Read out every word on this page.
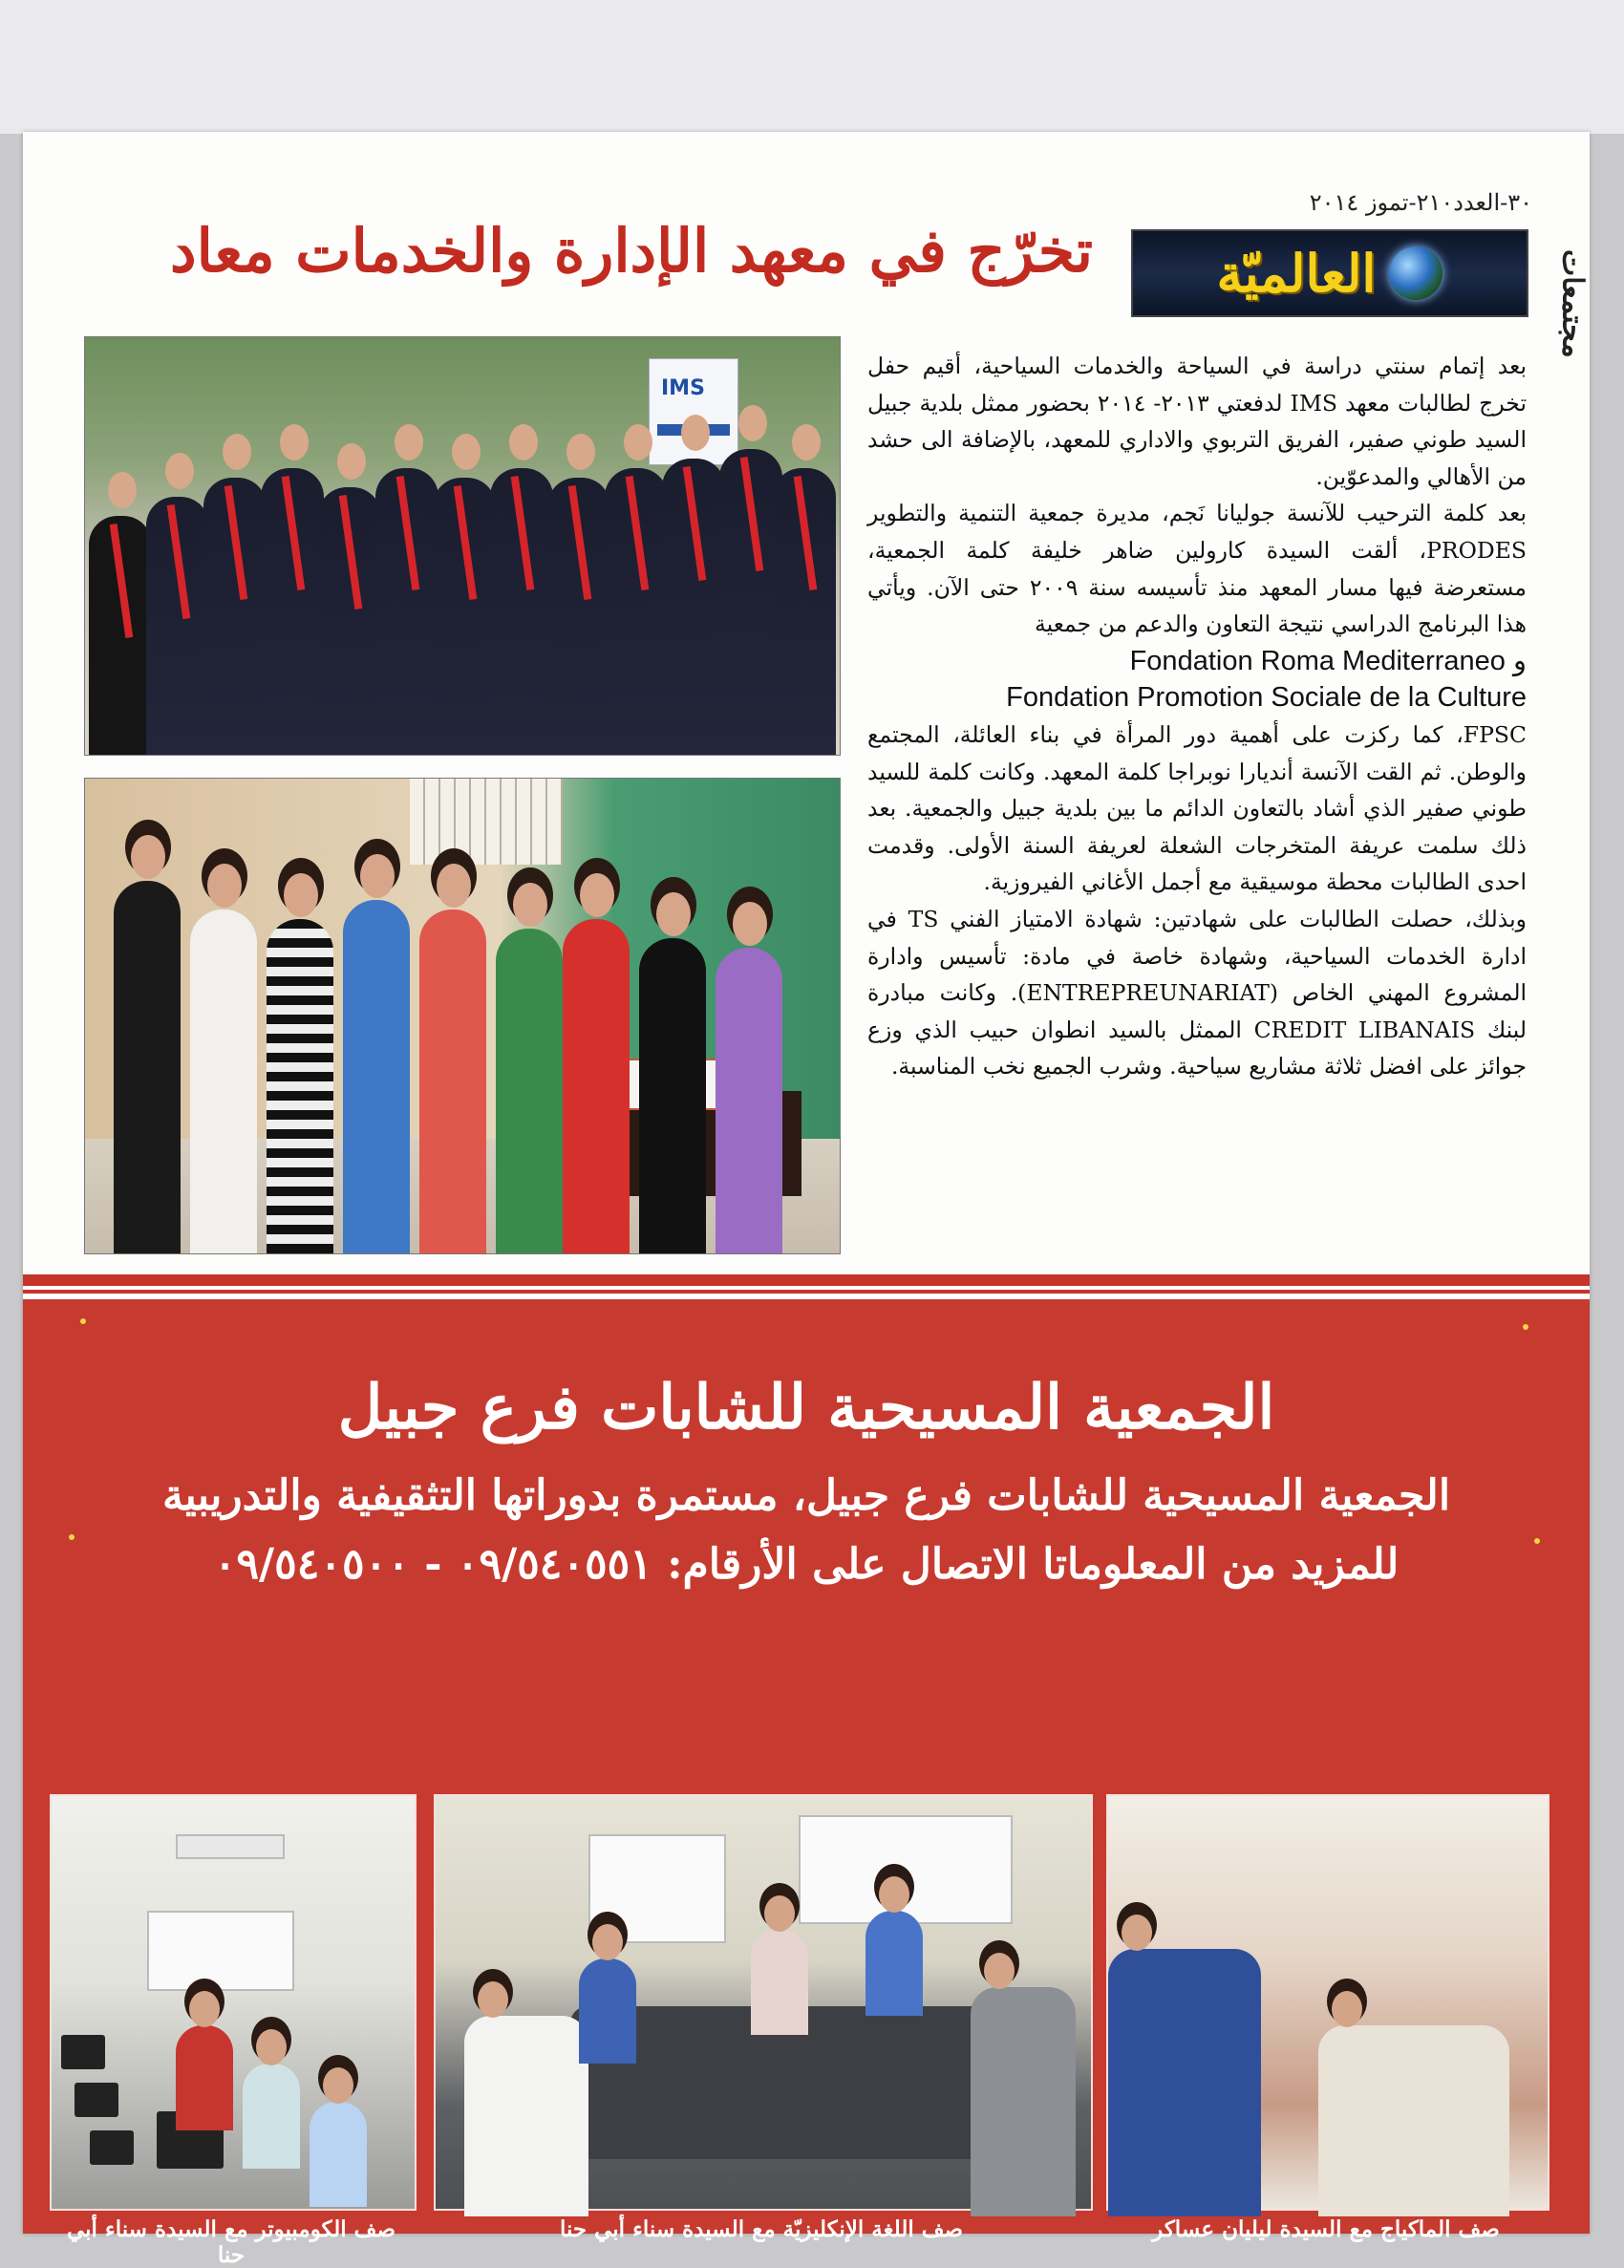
مجتمعات
٣٠-العدد٢١٠-تموز ٢٠١٤
العالميّة
تخرّج في معهد الإدارة والخدمات معاد
IMS

بعد إتمام سنتي دراسة في السياحة والخدمات السياحية، أقيم حفل تخرج لطالبات معهد IMS لدفعتي ٢٠١٣- ٢٠١٤ بحضور ممثل بلدية جبيل السيد طوني صفير، الفريق التربوي والاداري للمعهد، بالإضافة الى حشد من الأهالي والمدعوّين.

بعد كلمة الترحيب للآنسة جوليانا نَجم، مديرة جمعية التنمية والتطوير PRODES، ألقت السيدة كارولين ضاهر خليفة كلمة الجمعية، مستعرضة فيها مسار المعهد منذ تأسيسه سنة ٢٠٠٩ حتى الآن. ويأتي هذا البرنامج الدراسي نتيجة التعاون والدعم من جمعية

Fondation Roma Mediterraneo و

Fondation Promotion Sociale de la Culture

FPSC، كما ركزت على أهمية دور المرأة في بناء العائلة، المجتمع والوطن. ثم القت الآنسة أنديارا نوبراجا كلمة المعهد. وكانت كلمة للسيد طوني صفير الذي أشاد بالتعاون الدائم ما بين بلدية جبيل والجمعية. بعد ذلك سلمت عريفة المتخرجات الشعلة لعريفة السنة الأولى. وقدمت احدى الطالبات محطة موسيقية مع أجمل الأغاني الفيروزية.

وبذلك، حصلت الطالبات على شهادتين: شهادة الامتياز الفني TS في ادارة الخدمات السياحية، وشهادة خاصة في مادة: تأسيس وادارة المشروع المهني الخاص (ENTREPREUNARIAT). وكانت مبادرة لبنك CREDIT LIBANAIS الممثل بالسيد انطوان حبيب الذي وزع جوائز على افضل ثلاثة مشاريع سياحية. وشرب الجميع نخب المناسبة.

الجمعية المسيحية للشابات فرع جبيل
الجمعية المسيحية للشابات فرع جبيل، مستمرة بدوراتها التثقيفية والتدريبية
للمزيد من المعلوماتا الاتصال على الأرقام: ٠٩/٥٤٠٥٥١ - ٠٩/٥٤٠٥٠٠
صف الكومبيوتر مع السيدة سناء أبي حنا
صف اللغة الإنكليزيّة مع السيدة سناء أبي حنا	صف الماكياج مع السيدة ليليان عساكر
